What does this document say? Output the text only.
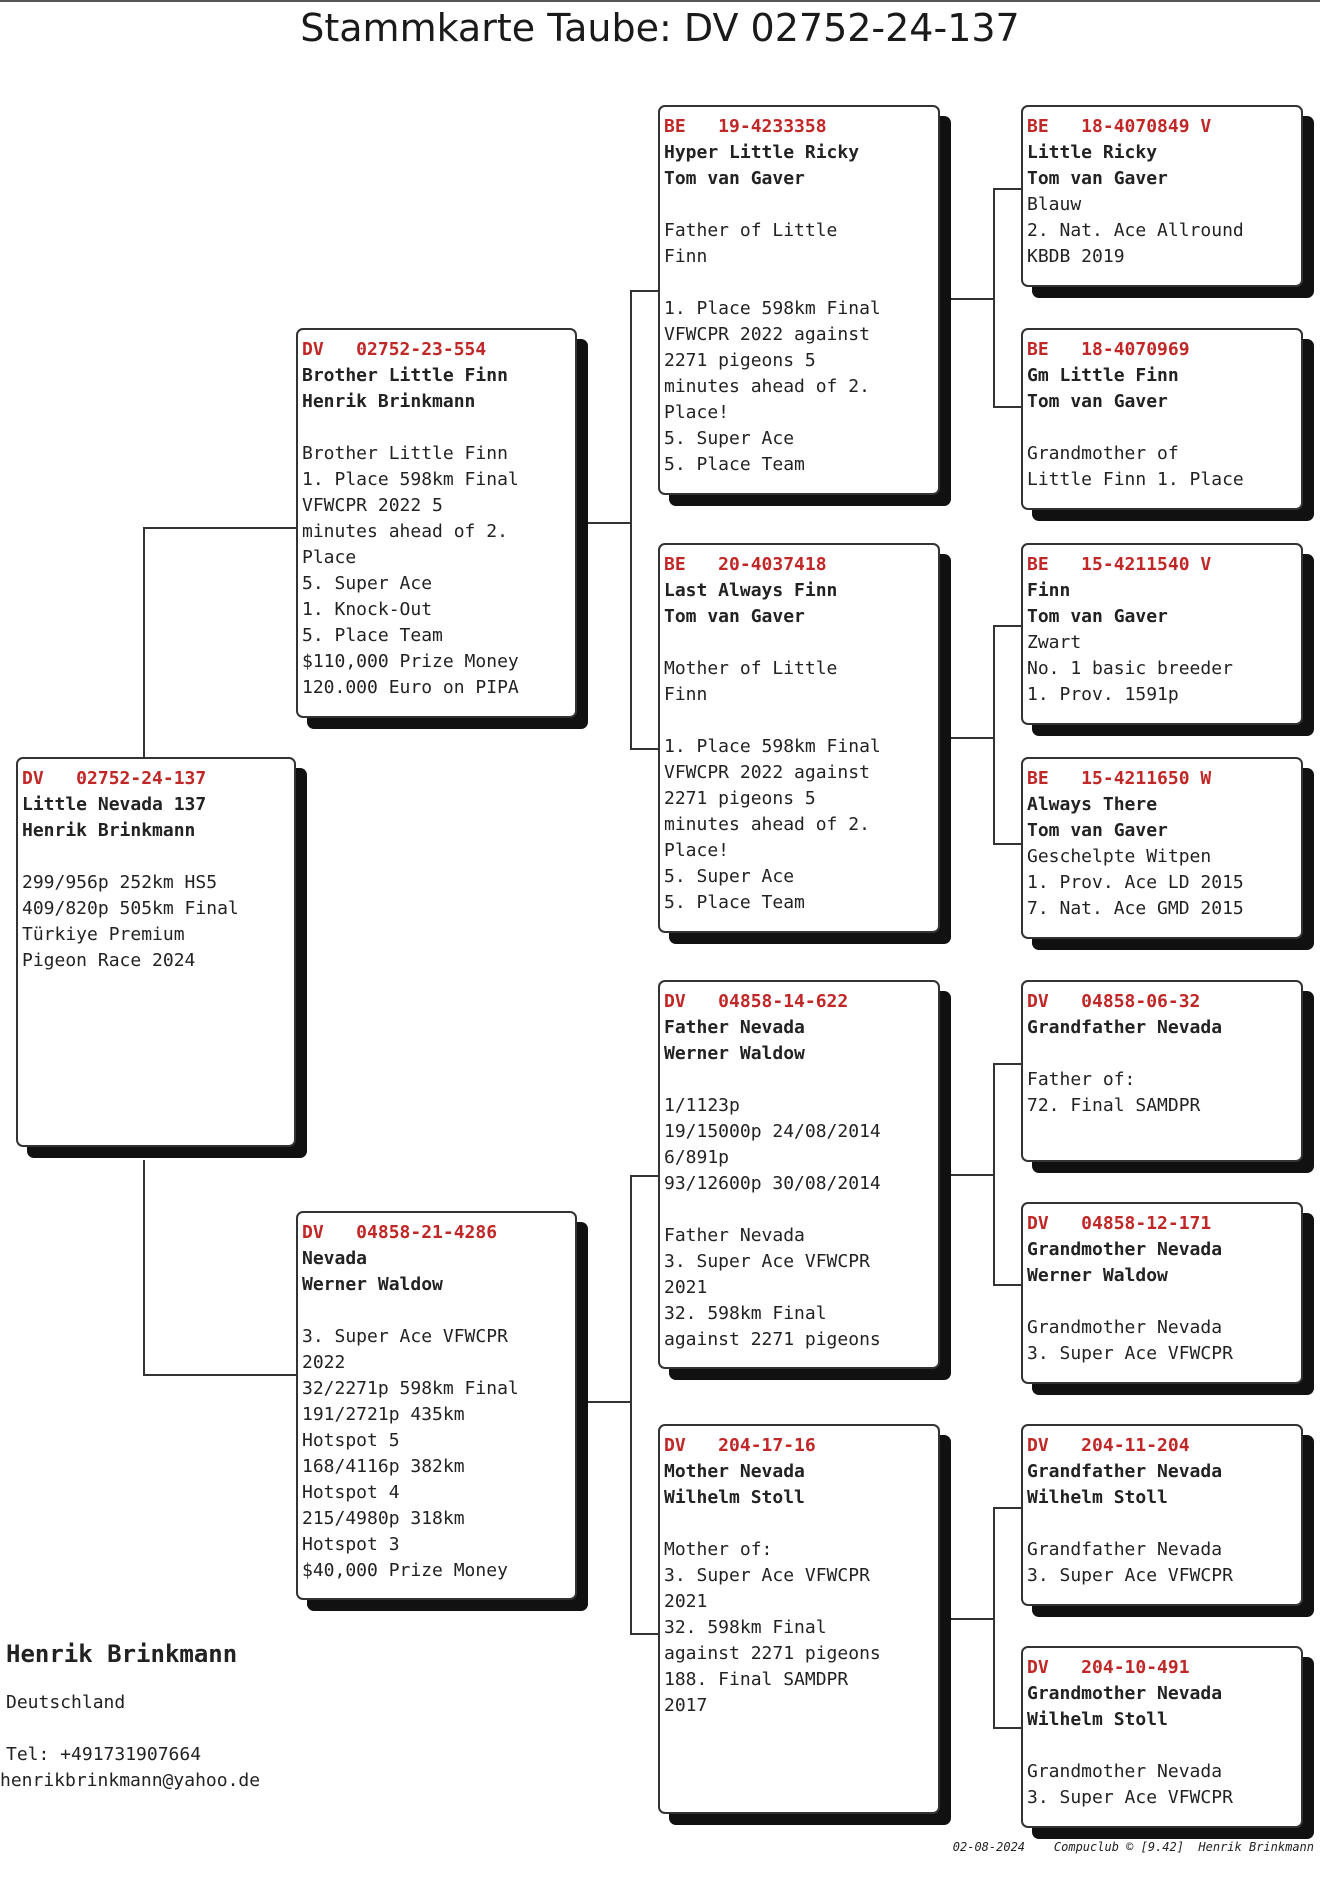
Stammkarte Taube: DV 02752-24-137
DV   02752-24-137
Little Nevada 137
Henrik Brinkmann
299/956p 252km HS5
409/820p 505km Final
Türkiye Premium
Pigeon Race 2024
DV   02752-23-554
Brother Little Finn
Henrik Brinkmann
Brother Little Finn
1. Place 598km Final
VFWCPR 2022 5
minutes ahead of 2.
Place
5. Super Ace
1. Knock-Out
5. Place Team
$110,000 Prize Money
120.000 Euro on PIPA
DV   04858-21-4286
Nevada
Werner Waldow
3. Super Ace VFWCPR
2022
32/2271p 598km Final
191/2721p 435km
Hotspot 5
168/4116p 382km
Hotspot 4
215/4980p 318km
Hotspot 3
$40,000 Prize Money
BE   19-4233358
Hyper Little Ricky
Tom van Gaver
Father of Little
Finn
1. Place 598km Final
VFWCPR 2022 against
2271 pigeons 5
minutes ahead of 2.
Place!
5. Super Ace
5. Place Team
BE   20-4037418
Last Always Finn
Tom van Gaver
Mother of Little
Finn
1. Place 598km Final
VFWCPR 2022 against
2271 pigeons 5
minutes ahead of 2.
Place!
5. Super Ace
5. Place Team
DV   04858-14-622
Father Nevada
Werner Waldow
1/1123p
19/15000p 24/08/2014
6/891p
93/12600p 30/08/2014
Father Nevada
3. Super Ace VFWCPR
2021
32. 598km Final
against 2271 pigeons
DV   204-17-16
Mother Nevada
Wilhelm Stoll
Mother of:
3. Super Ace VFWCPR
2021
32. 598km Final
against 2271 pigeons
188. Final SAMDPR
2017
BE   18-4070849 V
Little Ricky
Tom van Gaver
Blauw
2. Nat. Ace Allround
KBDB 2019
BE   18-4070969
Gm Little Finn
Tom van Gaver
Grandmother of
Little Finn 1. Place
BE   15-4211540 V
Finn
Tom van Gaver
Zwart
No. 1 basic breeder
1. Prov. 1591p
BE   15-4211650 W
Always There
Tom van Gaver
Geschelpte Witpen
1. Prov. Ace LD 2015
7. Nat. Ace GMD 2015
DV   04858-06-32
Grandfather Nevada
Father of:
72. Final SAMDPR
DV   04858-12-171
Grandmother Nevada
Werner Waldow
Grandmother Nevada
3. Super Ace VFWCPR
DV   204-11-204
Grandfather Nevada
Wilhelm Stoll
Grandfather Nevada
3. Super Ace VFWCPR
DV   204-10-491
Grandmother Nevada
Wilhelm Stoll
Grandmother Nevada
3. Super Ace VFWCPR
Henrik Brinkmann
Deutschland
Tel: +491731907664
henrikbrinkmann@yahoo.de
02-08-2024    Compuclub © [9.42]  Henrik Brinkmann
